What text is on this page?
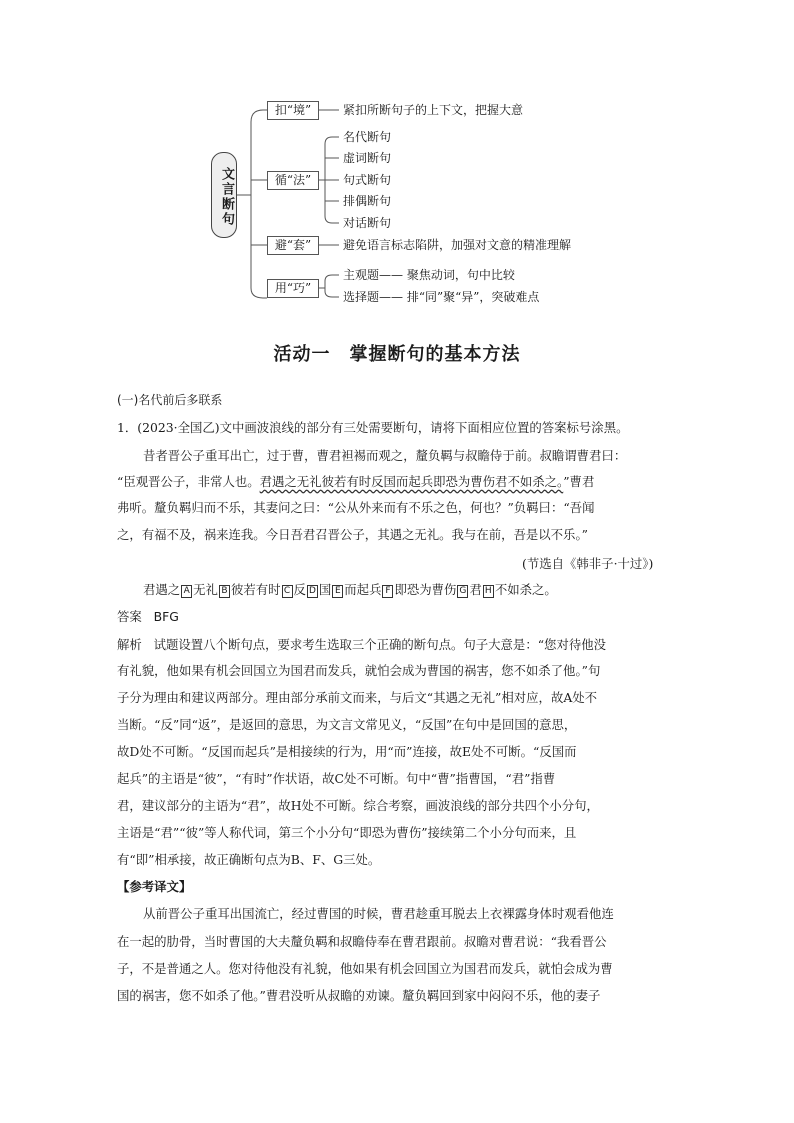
文言断句
扣“境”	紧扣所断句子的上下文，把握大意
循“法”
名代断句
虚词断句
句式断句
排偶断句
对话断句
避“套”	避免语言标志陷阱，加强对文意的精准理解
用“巧”
主观题—— 聚焦动词，句中比较
选择题—— 排“同”聚“异”，突破难点
活动一　掌握断句的基本方法
(一)名代前后多联系
1．(2023·全国乙)文中画波浪线的部分有三处需要断句，请将下面相应位置的答案标号涂黑。
昔者晋公子重耳出亡，过于曹，曹君袒裼而观之，釐负羁与叔瞻侍于前。叔瞻谓曹君曰：
“臣观晋公子，非常人也。君遇之无礼彼若有时反国而起兵即恐为曹伤君不如杀之。”曹君
弗听。釐负羁归而不乐，其妻问之曰：“公从外来而有不乐之色，何也？”负羁曰：“吾闻
之，有福不及，祸来连我。今日吾君召晋公子，其遇之无礼。我与在前，吾是以不乐。”
(节选自《韩非子·十过》)
君遇之 A 无礼 B 彼若有时 C 反 D 国 E 而起兵 F 即恐为曹伤 G 君 H 不如杀之。
答案 BFG
解析 试题设置八个断句点，要求考生选取三个正确的断句点。句子大意是：“您对待他没
有礼貌，他如果有机会回国立为国君而发兵，就怕会成为曹国的祸害，您不如杀了他。”句
子分为理由和建议两部分。理由部分承前文而来，与后文“其遇之无礼”相对应，故A处不
当断。“反”同“返”，是返回的意思，为文言文常见义，“反国”在句中是回国的意思，
故D处不可断。“反国而起兵”是相接续的行为，用“而”连接，故E处不可断。“反国而
起兵”的主语是“彼”，“有时”作状语，故C处不可断。句中“曹”指曹国，“君”指曹
君，建议部分的主语为“君”，故H处不可断。综合考察，画波浪线的部分共四个小分句，
主语是“君”“彼”等人称代词，第三个小分句“即恐为曹伤”接续第二个小分句而来，且
有“即”相承接，故正确断句点为B、F、G三处。
【参考译文】
从前晋公子重耳出国流亡，经过曹国的时候，曹君趁重耳脱去上衣裸露身体时观看他连
在一起的肋骨，当时曹国的大夫釐负羁和叔瞻侍奉在曹君跟前。叔瞻对曹君说：“我看晋公
子，不是普通之人。您对待他没有礼貌，他如果有机会回国立为国君而发兵，就怕会成为曹
国的祸害，您不如杀了他。”曹君没听从叔瞻的劝谏。釐负羁回到家中闷闷不乐，他的妻子
